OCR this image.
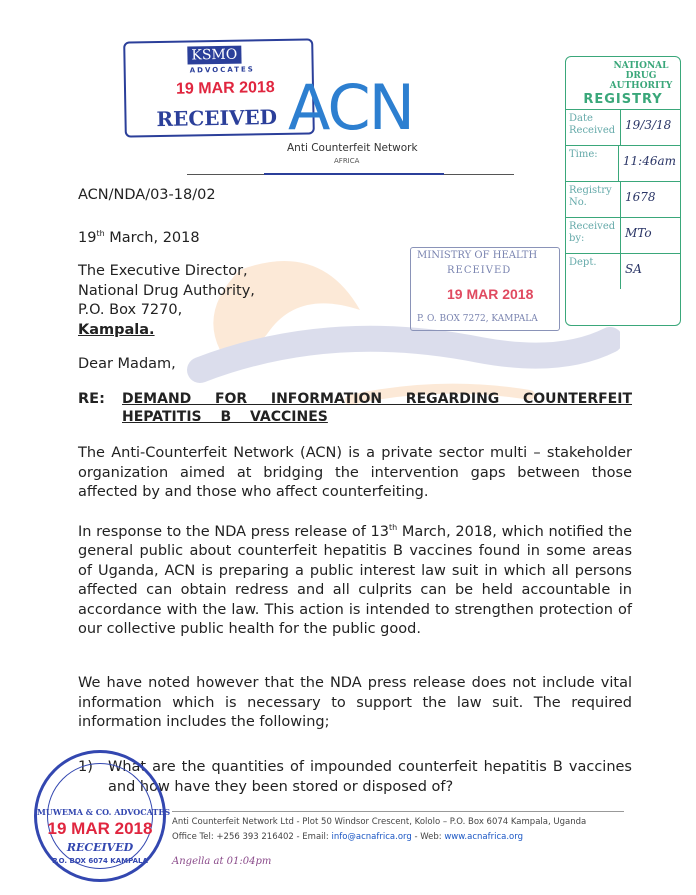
KSMO
ADVOCATES
19 MAR 2018
RECEIVED ACN
Anti Counterfeit Network
AFRICA
NATIONAL
DRUG
AUTHORITY
REGISTRY
Date Received 19/3/18
Time:	11:46am
Registry No.	1678
Received by:	MTo
Dept.	SA
MINISTRY OF HEALTH
RECEIVED
19 MAR 2018
P. O. BOX 7272, KAMPALA
ACN/NDA/03-18/02
19th March, 2018
The Executive Director,
National Drug Authority,
P.O. Box 7270,
Kampala.
Dear Madam,
RE: DEMAND FOR INFORMATION REGARDING COUNTERFEIT HEPATITIS B VACCINES
The Anti-Counterfeit Network (ACN) is a private sector multi – stakeholder organization aimed at bridging the intervention gaps between those affected by and those who affect counterfeiting.
In response to the NDA press release of 13th March, 2018, which notified the general public about counterfeit hepatitis B vaccines found in some areas of Uganda, ACN is preparing a public interest law suit in which all persons affected can obtain redress and all culprits can be held accountable in accordance with the law. This action is intended to strengthen protection of our collective public health for the public good.
We have noted however that the NDA press release does not include vital information which is necessary to support the law suit. The required information includes the following;
1) What are the quantities of impounded counterfeit hepatitis B vaccines and how have they been stored or disposed of?
Anti Counterfeit Network Ltd - Plot 50 Windsor Crescent, Kololo – P.O. Box 6074 Kampala, Uganda
Office Tel: +256 393 216402 - Email: info@acnafrica.org - Web: www.acnafrica.org
MUWEMA & CO. ADVOCATES
19 MAR 2018
RECEIVED
P.O. BOX 6074 KAMPALA	Angella at 01:04pm
